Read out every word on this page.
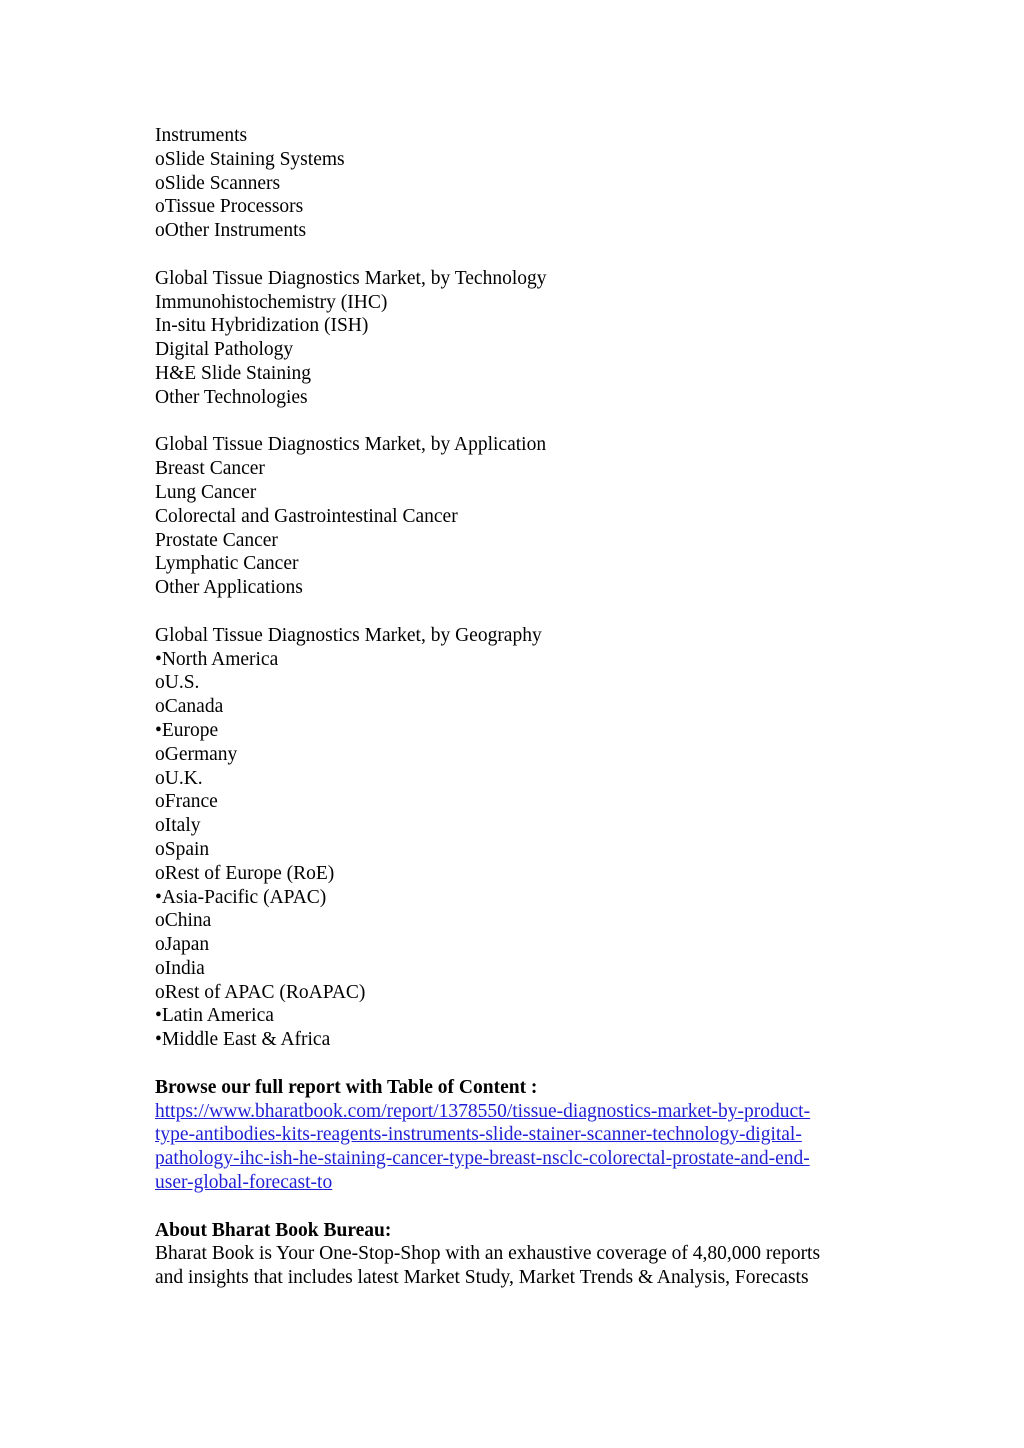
Instruments
oSlide Staining Systems
oSlide Scanners
oTissue Processors
oOther Instruments
Global Tissue Diagnostics Market, by Technology
Immunohistochemistry (IHC)
In-situ Hybridization (ISH)
Digital Pathology
H&E Slide Staining
Other Technologies
Global Tissue Diagnostics Market, by Application
Breast Cancer
Lung Cancer
Colorectal and Gastrointestinal Cancer
Prostate Cancer
Lymphatic Cancer
Other Applications
Global Tissue Diagnostics Market, by Geography
•North America
oU.S.
oCanada
•Europe
oGermany
oU.K.
oFrance
oItaly
oSpain
oRest of Europe (RoE)
•Asia-Pacific (APAC)
oChina
oJapan
oIndia
oRest of APAC (RoAPAC)
•Latin America
•Middle East & Africa
Browse our full report with Table of Content :
https://www.bharatbook.com/report/1378550/tissue-diagnostics-market-by-product-
type-antibodies-kits-reagents-instruments-slide-stainer-scanner-technology-digital-
pathology-ihc-ish-he-staining-cancer-type-breast-nsclc-colorectal-prostate-and-end-
user-global-forecast-to
About Bharat Book Bureau:
Bharat Book is Your One-Stop-Shop with an exhaustive coverage of 4,80,000 reports
and insights that includes latest Market Study, Market Trends & Analysis, Forecasts
